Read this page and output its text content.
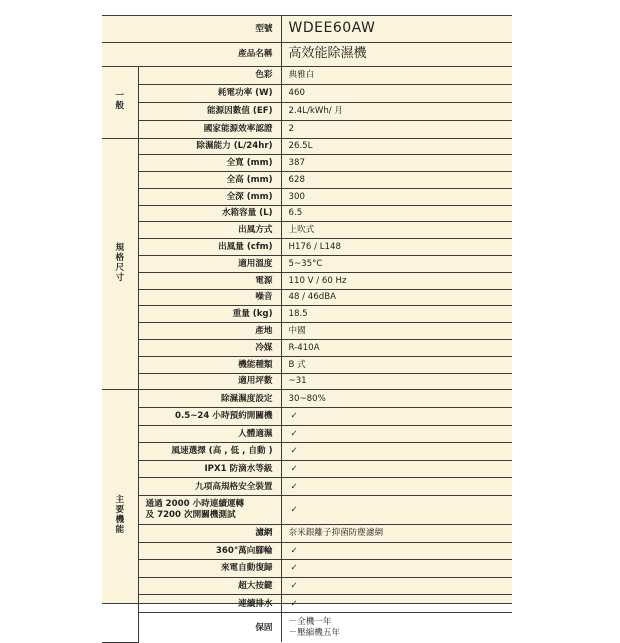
型號		WDEE60AW
產品名稱		高效能除濕機
一般	色彩	典雅白
	耗電功率 (W)	460
	能源因數值 (EF)	2.4L/kWh/ 月
	國家能源效率認證	2
規格尺寸	除濕能力 (L/24hr)	26.5L
	全寬 (mm)	387
	全高 (mm)	628
	全深 (mm)	300
	水箱容量 (L)	6.5
	出風方式	上吹式
	出風量 (cfm)	H176 / L148
	適用溫度	5~35°C
	電源	110 V / 60 Hz
	噪音	48 / 46dBA
	重量 (kg)	18.5
	產地	中國
	冷媒	R-410A
	機能種類	B 式
	適用坪數	~31
主要機能	除濕濕度設定	30~80%
	0.5~24 小時預約開關機	✓
	人體適濕	✓
	風速選擇 (高 , 低 , 自動 )	✓
	IPX1 防滴水等級	✓
	九項高規格安全裝置	✓

	通過 2000 小時連續運轉
及 7200 次開關機測試	✓
	濾網	奈米銀離子抑菌防塵濾網
	360°萬向腳輪	✓
	來電自動復歸	✓
	超大按鍵	✓
	連續排水	✓
	保固	－全機一年
－壓縮機五年
